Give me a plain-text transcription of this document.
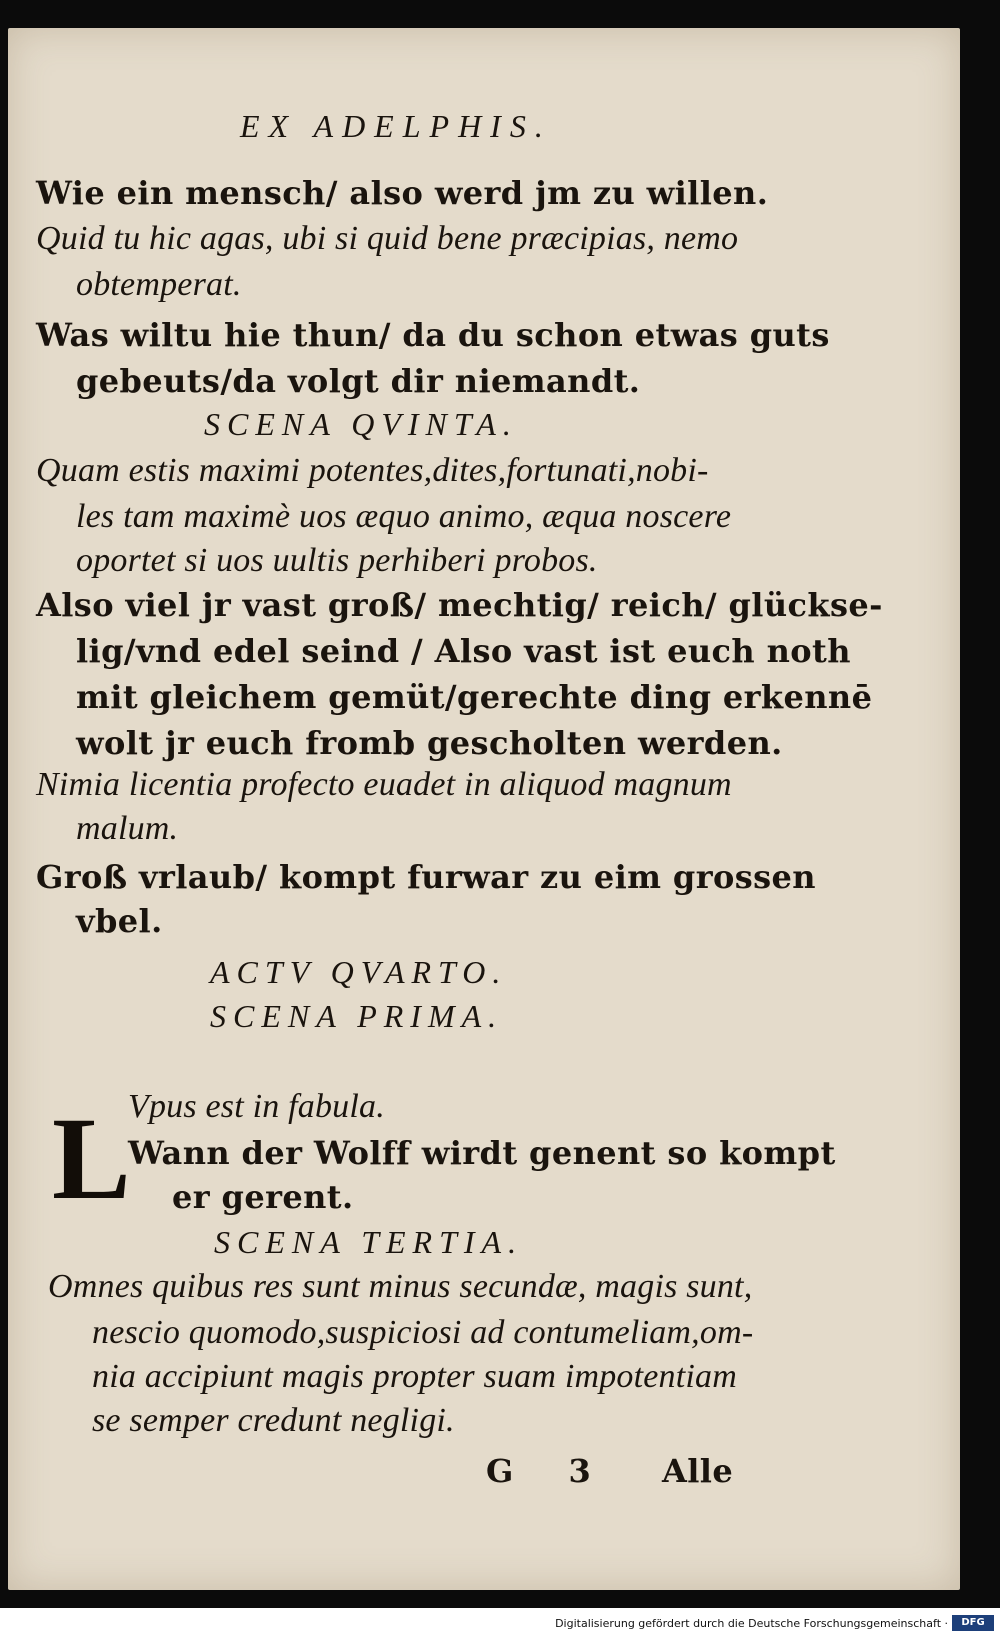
EX ADELPHIS.
Wie ein mensch/ also werd jm zu willen.
Quid tu hic agas, ubi si quid bene præcipias, nemo
obtemperat.
Was wiltu hie thun/ da du schon etwas guts
gebeuts/da volgt dir niemandt.
SCENA QVINTA.
Quam estis maximi potentes,dites,fortunati,nobi-
les tam maximè uos æquo animo, æqua noscere
oportet si uos uultis perhiberi probos.
Also viel jr vast groß/ mechtig/ reich/ glückse-
lig/vnd edel seind / Also vast ist euch noth
mit gleichem gemüt/gerechte ding erkennē
wolt jr euch fromb gescholten werden.
Nimia licentia profecto euadet in aliquod magnum
malum.
Groß vrlaub/ kompt furwar zu eim grossen
vbel.
ACTV QVARTO.
SCENA PRIMA.
L
Vpus est in fabula.
Wann der Wolff wirdt genent so kompt
er gerent.
SCENA TERTIA.
Omnes quibus res sunt minus secundæ, magis sunt,
nescio quomodo,suspiciosi ad contumeliam,om-
nia accipiunt magis propter suam impotentiam
se semper credunt negligi.
G 3 Alle
Digitalisierung gefördert durch die Deutsche Forschungsgemeinschaft ·	DFG
